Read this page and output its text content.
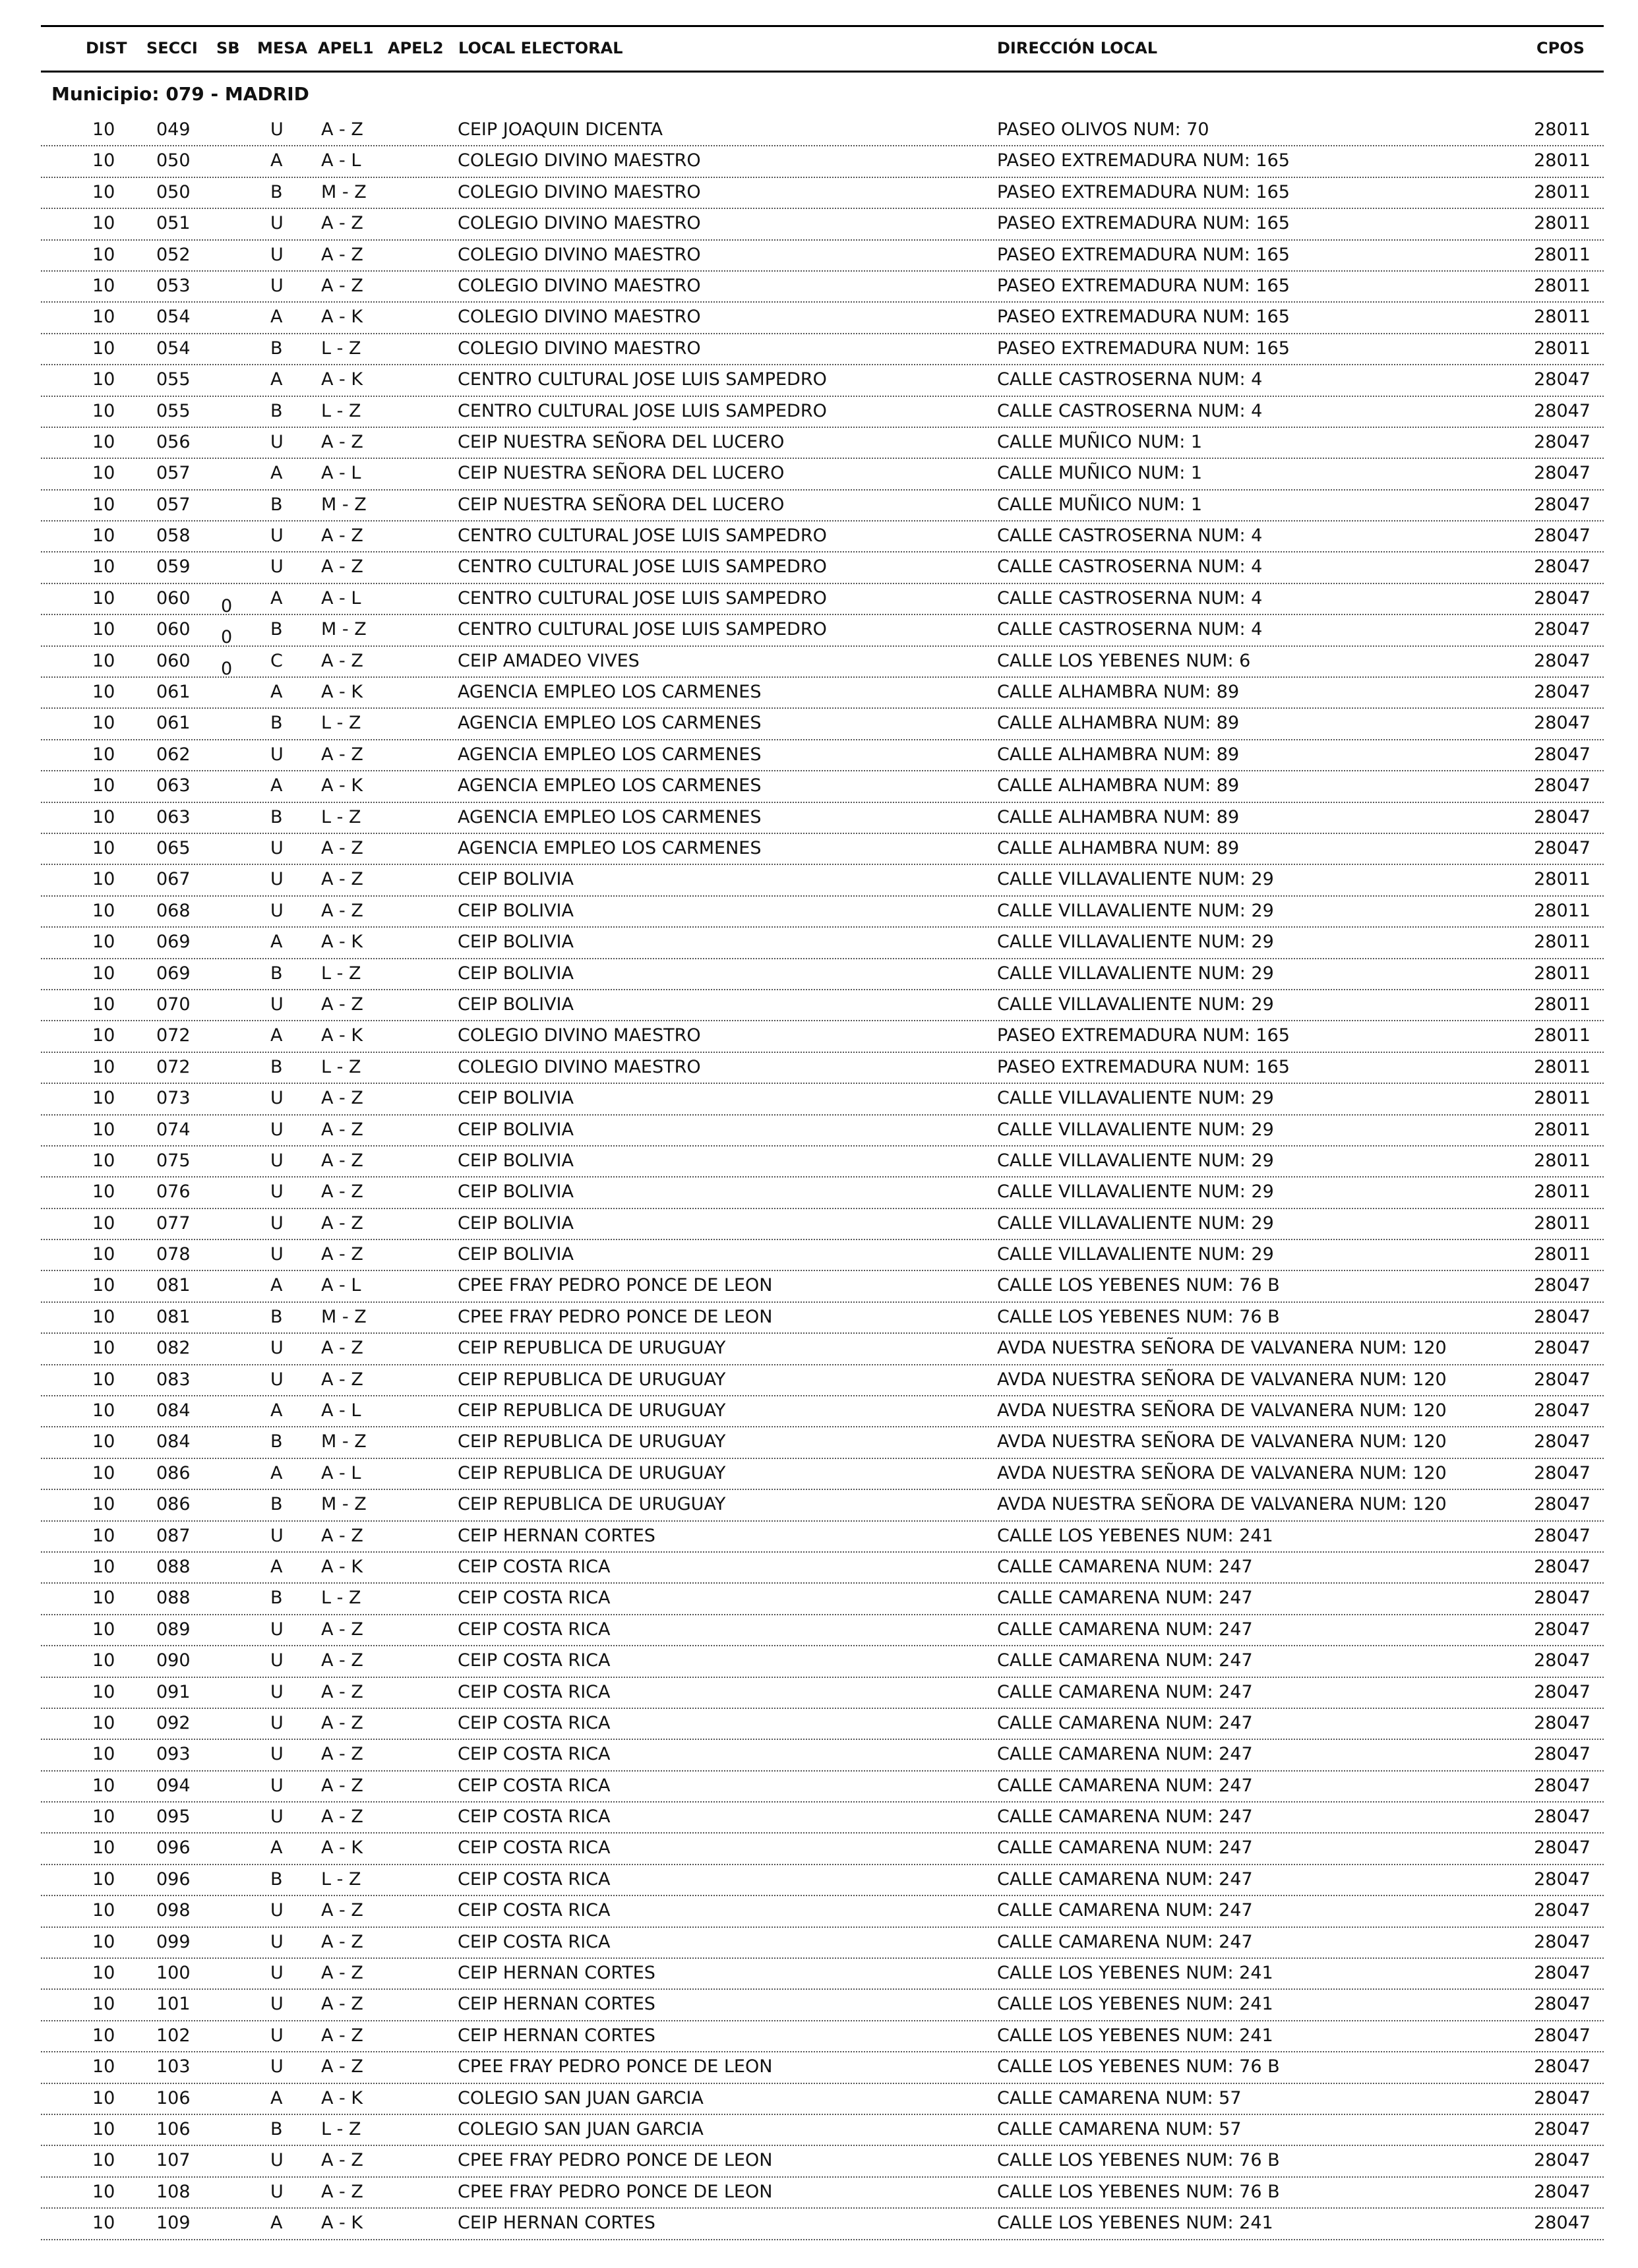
DIST SECCI SB MESA APEL1 APEL2 LOCAL ELECTORAL	DIRECCIÓN LOCAL	CPOS
Municipio: 079 - MADRID
10 049	U A - Z	CEIP JOAQUIN DICENTA	PASEO OLIVOS NUM: 70	28011
10 050	A A - L	COLEGIO DIVINO MAESTRO	PASEO EXTREMADURA NUM: 165	28011
10 050	B M - Z	COLEGIO DIVINO MAESTRO	PASEO EXTREMADURA NUM: 165	28011
10 051	U A - Z	COLEGIO DIVINO MAESTRO	PASEO EXTREMADURA NUM: 165	28011
10 052	U A - Z	COLEGIO DIVINO MAESTRO	PASEO EXTREMADURA NUM: 165	28011
10 053	U A - Z	COLEGIO DIVINO MAESTRO	PASEO EXTREMADURA NUM: 165	28011
10 054	A A - K	COLEGIO DIVINO MAESTRO	PASEO EXTREMADURA NUM: 165	28011
10 054	B L - Z	COLEGIO DIVINO MAESTRO	PASEO EXTREMADURA NUM: 165	28011
10 055	A A - K	CENTRO CULTURAL JOSE LUIS SAMPEDRO	CALLE CASTROSERNA NUM: 4	28047
10 055	B L - Z	CENTRO CULTURAL JOSE LUIS SAMPEDRO	CALLE CASTROSERNA NUM: 4	28047
10 056	U A - Z	CEIP NUESTRA SEÑORA DEL LUCERO	CALLE MUÑICO NUM: 1	28047
10 057	A A - L	CEIP NUESTRA SEÑORA DEL LUCERO	CALLE MUÑICO NUM: 1	28047
10 057	B M - Z	CEIP NUESTRA SEÑORA DEL LUCERO	CALLE MUÑICO NUM: 1	28047
10 058	U A - Z	CENTRO CULTURAL JOSE LUIS SAMPEDRO	CALLE CASTROSERNA NUM: 4	28047
10 059	U A - Z	CENTRO CULTURAL JOSE LUIS SAMPEDRO	CALLE CASTROSERNA NUM: 4	28047
10 060 0 A A - L	CENTRO CULTURAL JOSE LUIS SAMPEDRO	CALLE CASTROSERNA NUM: 4	28047
10 060 0 B M - Z	CENTRO CULTURAL JOSE LUIS SAMPEDRO	CALLE CASTROSERNA NUM: 4	28047
10 060 0 C A - Z	CEIP AMADEO VIVES	CALLE LOS YEBENES NUM: 6	28047
10 061	A A - K	AGENCIA EMPLEO LOS CARMENES	CALLE ALHAMBRA NUM: 89	28047
10 061	B L - Z	AGENCIA EMPLEO LOS CARMENES	CALLE ALHAMBRA NUM: 89	28047
10 062	U A - Z	AGENCIA EMPLEO LOS CARMENES	CALLE ALHAMBRA NUM: 89	28047
10 063	A A - K	AGENCIA EMPLEO LOS CARMENES	CALLE ALHAMBRA NUM: 89	28047
10 063	B L - Z	AGENCIA EMPLEO LOS CARMENES	CALLE ALHAMBRA NUM: 89	28047
10 065	U A - Z	AGENCIA EMPLEO LOS CARMENES	CALLE ALHAMBRA NUM: 89	28047
10 067	U A - Z	CEIP BOLIVIA	CALLE VILLAVALIENTE NUM: 29	28011
10 068	U A - Z	CEIP BOLIVIA	CALLE VILLAVALIENTE NUM: 29	28011
10 069	A A - K	CEIP BOLIVIA	CALLE VILLAVALIENTE NUM: 29	28011
10 069	B L - Z	CEIP BOLIVIA	CALLE VILLAVALIENTE NUM: 29	28011
10 070	U A - Z	CEIP BOLIVIA	CALLE VILLAVALIENTE NUM: 29	28011
10 072	A A - K	COLEGIO DIVINO MAESTRO	PASEO EXTREMADURA NUM: 165	28011
10 072	B L - Z	COLEGIO DIVINO MAESTRO	PASEO EXTREMADURA NUM: 165	28011
10 073	U A - Z	CEIP BOLIVIA	CALLE VILLAVALIENTE NUM: 29	28011
10 074	U A - Z	CEIP BOLIVIA	CALLE VILLAVALIENTE NUM: 29	28011
10 075	U A - Z	CEIP BOLIVIA	CALLE VILLAVALIENTE NUM: 29	28011
10 076	U A - Z	CEIP BOLIVIA	CALLE VILLAVALIENTE NUM: 29	28011
10 077	U A - Z	CEIP BOLIVIA	CALLE VILLAVALIENTE NUM: 29	28011
10 078	U A - Z	CEIP BOLIVIA	CALLE VILLAVALIENTE NUM: 29	28011
10 081	A A - L	CPEE FRAY PEDRO PONCE DE LEON	CALLE LOS YEBENES NUM: 76 B	28047
10 081	B M - Z	CPEE FRAY PEDRO PONCE DE LEON	CALLE LOS YEBENES NUM: 76 B	28047
10 082	U A - Z	CEIP REPUBLICA DE URUGUAY	AVDA NUESTRA SEÑORA DE VALVANERA NUM: 120	28047
10 083	U A - Z	CEIP REPUBLICA DE URUGUAY	AVDA NUESTRA SEÑORA DE VALVANERA NUM: 120	28047
10 084	A A - L	CEIP REPUBLICA DE URUGUAY	AVDA NUESTRA SEÑORA DE VALVANERA NUM: 120	28047
10 084	B M - Z	CEIP REPUBLICA DE URUGUAY	AVDA NUESTRA SEÑORA DE VALVANERA NUM: 120	28047
10 086	A A - L	CEIP REPUBLICA DE URUGUAY	AVDA NUESTRA SEÑORA DE VALVANERA NUM: 120	28047
10 086	B M - Z	CEIP REPUBLICA DE URUGUAY	AVDA NUESTRA SEÑORA DE VALVANERA NUM: 120	28047
10 087	U A - Z	CEIP HERNAN CORTES	CALLE LOS YEBENES NUM: 241	28047
10 088	A A - K	CEIP COSTA RICA	CALLE CAMARENA NUM: 247	28047
10 088	B L - Z	CEIP COSTA RICA	CALLE CAMARENA NUM: 247	28047
10 089	U A - Z	CEIP COSTA RICA	CALLE CAMARENA NUM: 247	28047
10 090	U A - Z	CEIP COSTA RICA	CALLE CAMARENA NUM: 247	28047
10 091	U A - Z	CEIP COSTA RICA	CALLE CAMARENA NUM: 247	28047
10 092	U A - Z	CEIP COSTA RICA	CALLE CAMARENA NUM: 247	28047
10 093	U A - Z	CEIP COSTA RICA	CALLE CAMARENA NUM: 247	28047
10 094	U A - Z	CEIP COSTA RICA	CALLE CAMARENA NUM: 247	28047
10 095	U A - Z	CEIP COSTA RICA	CALLE CAMARENA NUM: 247	28047
10 096	A A - K	CEIP COSTA RICA	CALLE CAMARENA NUM: 247	28047
10 096	B L - Z	CEIP COSTA RICA	CALLE CAMARENA NUM: 247	28047
10 098	U A - Z	CEIP COSTA RICA	CALLE CAMARENA NUM: 247	28047
10 099	U A - Z	CEIP COSTA RICA	CALLE CAMARENA NUM: 247	28047
10 100	U A - Z	CEIP HERNAN CORTES	CALLE LOS YEBENES NUM: 241	28047
10 101	U A - Z	CEIP HERNAN CORTES	CALLE LOS YEBENES NUM: 241	28047
10 102	U A - Z	CEIP HERNAN CORTES	CALLE LOS YEBENES NUM: 241	28047
10 103	U A - Z	CPEE FRAY PEDRO PONCE DE LEON	CALLE LOS YEBENES NUM: 76 B	28047
10 106	A A - K	COLEGIO SAN JUAN GARCIA	CALLE CAMARENA NUM: 57	28047
10 106	B L - Z	COLEGIO SAN JUAN GARCIA	CALLE CAMARENA NUM: 57	28047
10 107	U A - Z	CPEE FRAY PEDRO PONCE DE LEON	CALLE LOS YEBENES NUM: 76 B	28047
10 108	U A - Z	CPEE FRAY PEDRO PONCE DE LEON	CALLE LOS YEBENES NUM: 76 B	28047
10 109	A A - K	CEIP HERNAN CORTES	CALLE LOS YEBENES NUM: 241	28047
